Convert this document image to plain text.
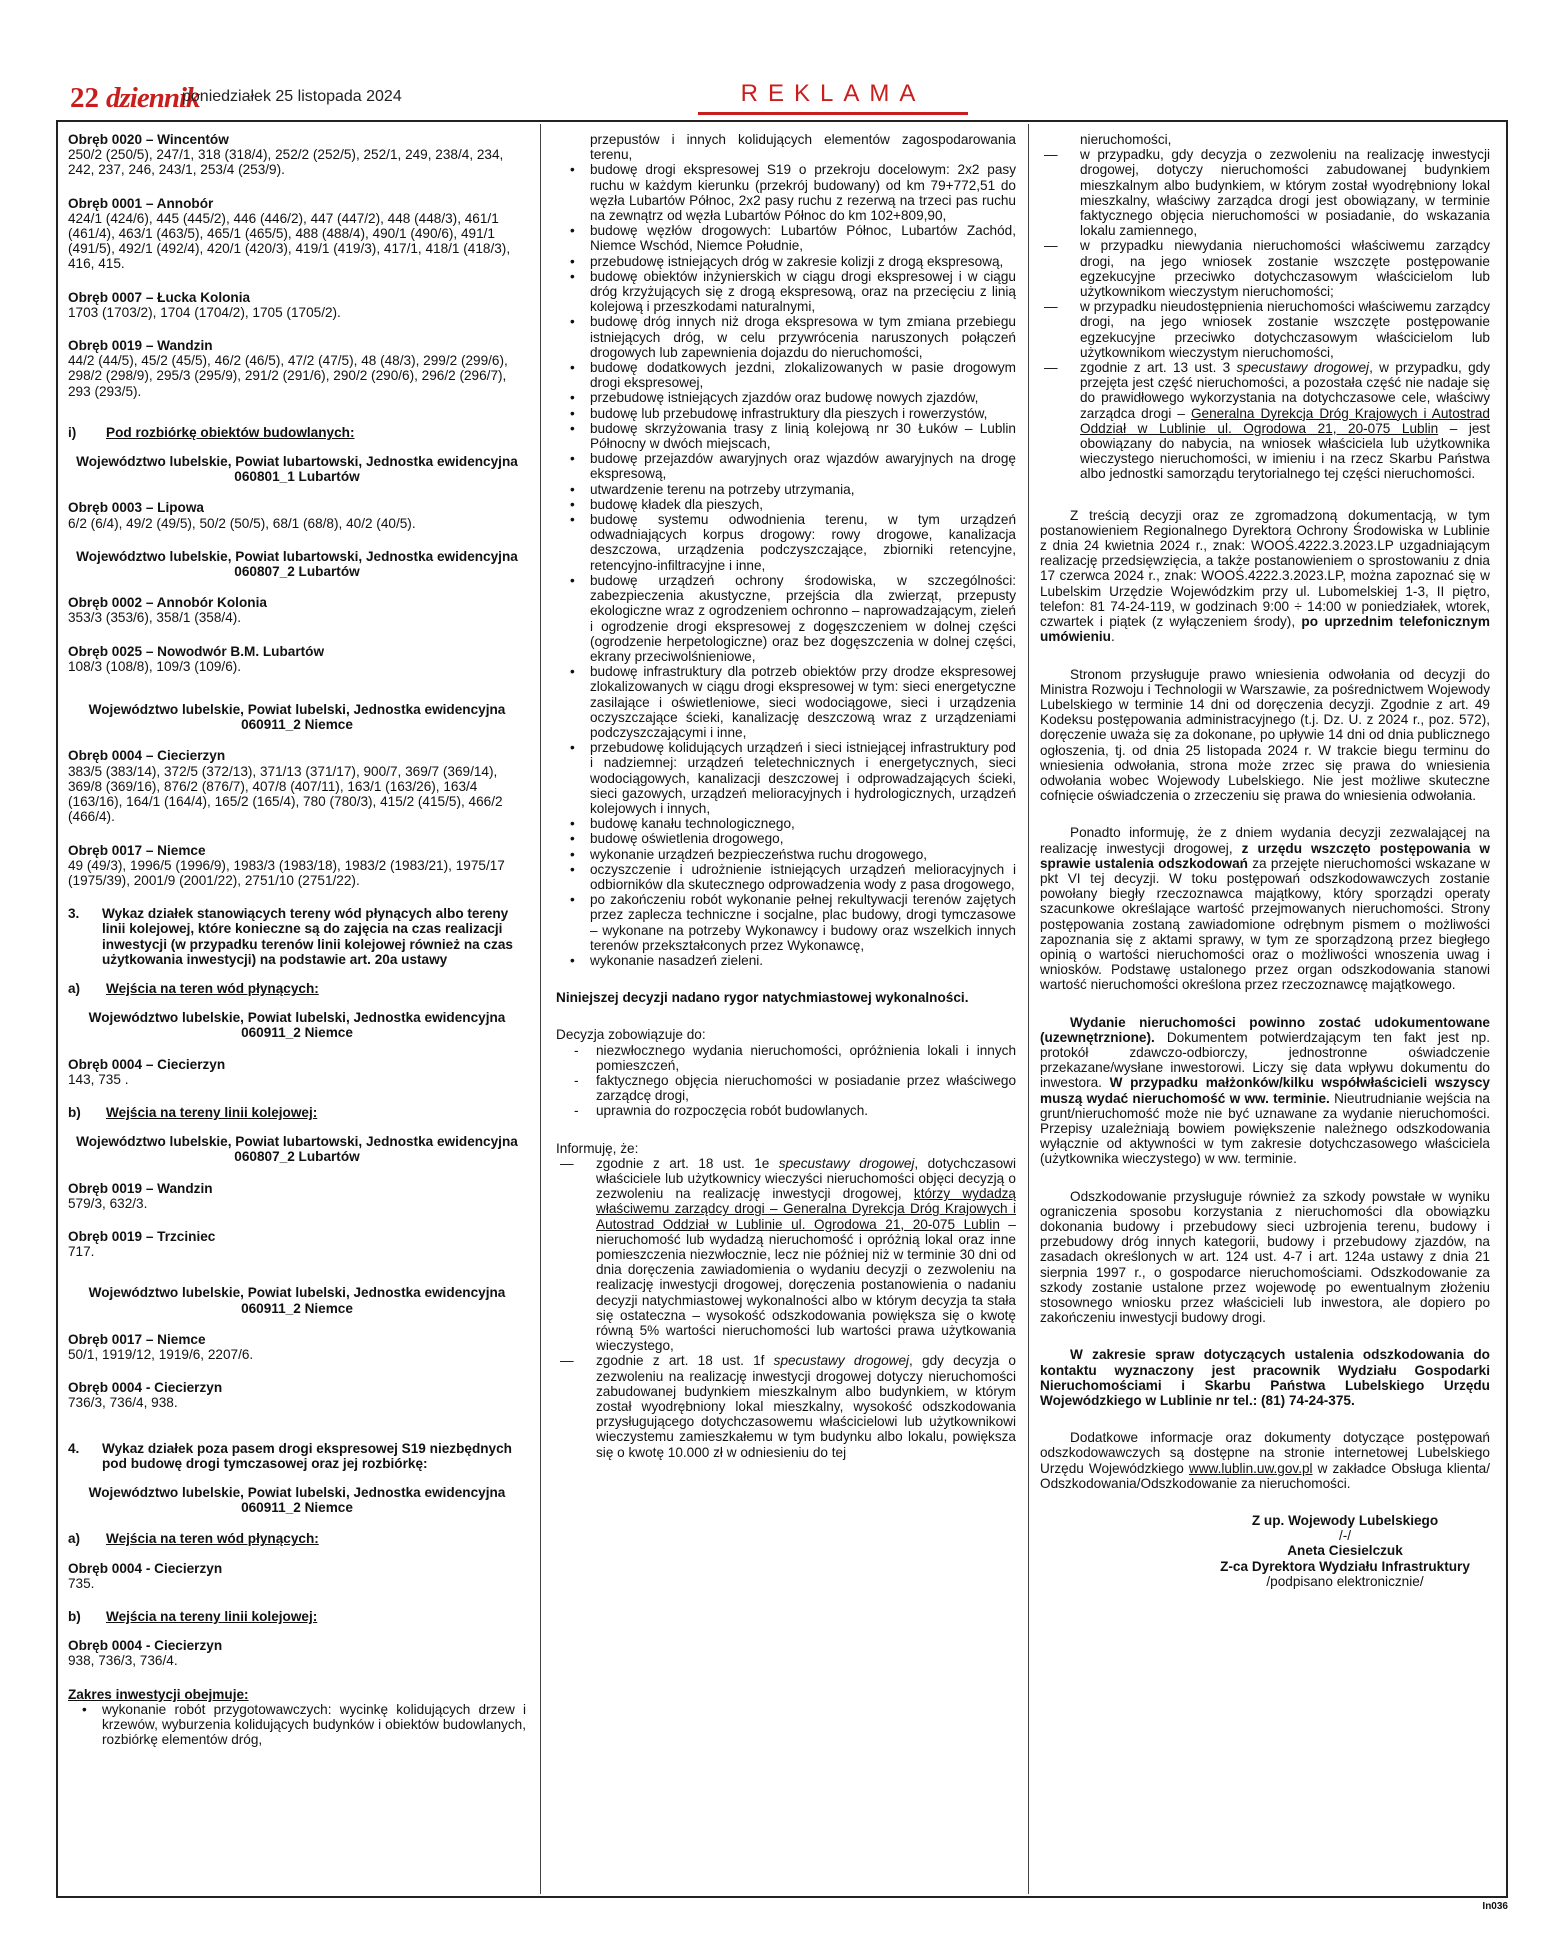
22 dziennik
poniedziałek 25 listopada 2024	REKLAMA
Obręb 0020 – Wincentów
250/2 (250/5), 247/1, 318 (318/4), 252/2 (252/5), 252/1, 249, 238/4, 234, 242, 237, 246, 243/1, 253/4 (253/9).
Obręb 0001 – Annobór
424/1 (424/6), 445 (445/2), 446 (446/2), 447 (447/2), 448 (448/3), 461/1 (461/4), 463/1 (463/5), 465/1 (465/5), 488 (488/4), 490/1 (490/6), 491/1 (491/5), 492/1 (492/4), 420/1 (420/3), 419/1 (419/3), 417/1, 418/1 (418/3), 416, 415.
Obręb 0007 – Łucka Kolonia
1703 (1703/2), 1704 (1704/2), 1705 (1705/2).
Obręb 0019 – Wandzin
44/2 (44/5), 45/2 (45/5), 46/2 (46/5), 47/2 (47/5), 48 (48/3), 299/2 (299/6), 298/2 (298/9), 295/3 (295/9), 291/2 (291/6), 290/2 (290/6), 296/2 (296/7), 293 (293/5).
i)	Pod rozbiórkę obiektów budowlanych:
Województwo lubelskie, Powiat lubartowski, Jednostka ewidencyjna 060801_1 Lubartów
Obręb 0003 – Lipowa
6/2 (6/4), 49/2 (49/5), 50/2 (50/5), 68/1 (68/8), 40/2 (40/5).
Województwo lubelskie, Powiat lubartowski, Jednostka ewidencyjna 060807_2 Lubartów
Obręb 0002 – Annobór Kolonia
353/3 (353/6), 358/1 (358/4).
Obręb 0025 – Nowodwór B.M. Lubartów
108/3 (108/8), 109/3 (109/6).
Województwo lubelskie, Powiat lubelski, Jednostka ewidencyjna 060911_2 Niemce
Obręb 0004 – Ciecierzyn
383/5 (383/14), 372/5 (372/13), 371/13 (371/17), 900/7, 369/7 (369/14), 369/8 (369/16), 876/2 (876/7), 407/8 (407/11), 163/1 (163/26), 163/4 (163/16), 164/1 (164/4), 165/2 (165/4), 780 (780/3), 415/2 (415/5), 466/2 (466/4).
Obręb 0017 – Niemce
49 (49/3), 1996/5 (1996/9), 1983/3 (1983/18), 1983/2 (1983/21), 1975/17 (1975/39), 2001/9 (2001/22), 2751/10 (2751/22).
3.	Wykaz działek stanowiących tereny wód płynących albo tereny linii kolejowej, które konieczne są do zajęcia na czas realizacji inwestycji (w przypadku terenów linii kolejowej również na czas użytkowania inwestycji) na podstawie art. 20a ustawy
a)	Wejścia na teren wód płynących:
Województwo lubelskie, Powiat lubelski, Jednostka ewidencyjna 060911_2 Niemce
Obręb 0004 – Ciecierzyn
143, 735 .
b)	Wejścia na tereny linii kolejowej:
Województwo lubelskie, Powiat lubartowski, Jednostka ewidencyjna 060807_2 Lubartów
Obręb 0019 – Wandzin
579/3, 632/3.
Obręb 0019 – Trzciniec
717.
Województwo lubelskie, Powiat lubelski, Jednostka ewidencyjna 060911_2 Niemce
Obręb 0017 – Niemce
50/1, 1919/12, 1919/6, 2207/6.
Obręb 0004 - Ciecierzyn
736/3, 736/4, 938.
4.	Wykaz działek poza pasem drogi ekspresowej S19 niezbędnych pod budowę drogi tymczasowej oraz jej rozbiórkę:
Województwo lubelskie, Powiat lubelski, Jednostka ewidencyjna 060911_2 Niemce
a)	Wejścia na teren wód płynących:
Obręb 0004 - Ciecierzyn
735.
b)	Wejścia na tereny linii kolejowej:
Obręb 0004 - Ciecierzyn
938, 736/3, 736/4.
Zakres inwestycji obejmuje:
• wykonanie robót przygotowawczych: wycinkę kolidujących drzew i krzewów, wyburzenia kolidujących budynków i obiektów budowlanych, rozbiórkę elementów dróg,
przepustów i innych kolidujących elementów zagospodarowania terenu,
• budowę drogi ekspresowej S19 o przekroju docelowym: 2x2 pasy ruchu w każdym kierunku (przekrój budowany) od km 79+772,51 do węzła Lubartów Północ, 2x2 pasy ruchu z rezerwą na trzeci pas ruchu na zewnątrz od węzła Lubartów Północ do km 102+809,90,
• budowę węzłów drogowych: Lubartów Północ, Lubartów Zachód, Niemce Wschód, Niemce Południe,
• przebudowę istniejących dróg w zakresie kolizji z drogą ekspresową,
• budowę obiektów inżynierskich w ciągu drogi ekspresowej i w ciągu dróg krzyżujących się z drogą ekspresową, oraz na przecięciu z linią kolejową i przeszkodami naturalnymi,
• budowę dróg innych niż droga ekspresowa w tym zmiana przebiegu istniejących dróg, w celu przywrócenia naruszonych połączeń drogowych lub zapewnienia dojazdu do nieruchomości,
• budowę dodatkowych jezdni, zlokalizowanych w pasie drogowym drogi ekspresowej,
• przebudowę istniejących zjazdów oraz budowę nowych zjazdów,
• budowę lub przebudowę infrastruktury dla pieszych i rowerzystów,
• budowę skrzyżowania trasy z linią kolejową nr 30 Łuków – Lublin Północny w dwóch miejscach,
• budowę przejazdów awaryjnych oraz wjazdów awaryjnych na drogę ekspresową,
• utwardzenie terenu na potrzeby utrzymania,
• budowę kładek dla pieszych,
• budowę systemu odwodnienia terenu, w tym urządzeń odwadniających korpus drogowy: rowy drogowe, kanalizacja deszczowa, urządzenia podczyszczające, zbiorniki retencyjne, retencyjno-infiltracyjne i inne,
• budowę urządzeń ochrony środowiska, w szczególności: zabezpieczenia akustyczne, przejścia dla zwierząt, przepusty ekologiczne wraz z ogrodzeniem ochronno – naprowadzającym, zieleń i ogrodzenie drogi ekspresowej z dogęszczeniem w dolnej części (ogrodzenie herpetologiczne) oraz bez dogęszczenia w dolnej części, ekrany przeciwolśnieniowe,
• budowę infrastruktury dla potrzeb obiektów przy drodze ekspresowej zlokalizowanych w ciągu drogi ekspresowej w tym: sieci energetyczne zasilające i oświetleniowe, sieci wodociągowe, sieci i urządzenia oczyszczające ścieki, kanalizację deszczową wraz z urządzeniami podczyszczającymi i inne,
• przebudowę kolidujących urządzeń i sieci istniejącej infrastruktury pod i nadziemnej: urządzeń teletechnicznych i energetycznych, sieci wodociągowych, kanalizacji deszczowej i odprowadzających ścieki, sieci gazowych, urządzeń melioracyjnych i hydrologicznych, urządzeń kolejowych i innych,
• budowę kanału technologicznego,
• budowę oświetlenia drogowego,
• wykonanie urządzeń bezpieczeństwa ruchu drogowego,
• oczyszczenie i udrożnienie istniejących urządzeń melioracyjnych i odbiorników dla skutecznego odprowadzenia wody z pasa drogowego,
• po zakończeniu robót wykonanie pełnej rekultywacji terenów zajętych przez zaplecza techniczne i socjalne, plac budowy, drogi tymczasowe – wykonane na potrzeby Wykonawcy i budowy oraz wszelkich innych terenów przekształconych przez Wykonawcę,
• wykonanie nasadzeń zieleni.
Niniejszej decyzji nadano rygor natychmiastowej wykonalności.
Decyzja zobowiązuje do:
- niezwłocznego wydania nieruchomości, opróżnienia lokali i innych pomieszczeń,
- faktycznego objęcia nieruchomości w posiadanie przez właściwego zarządcę drogi,
- uprawnia do rozpoczęcia robót budowlanych.
Informuję, że:
— zgodnie z art. 18 ust. 1e specustawy drogowej, dotychczasowi właściciele lub użytkownicy wieczyści nieruchomości objęci decyzją o zezwoleniu na realizację inwestycji drogowej, którzy wydadzą właściwemu zarządcy drogi – Generalna Dyrekcja Dróg Krajowych i Autostrad Oddział w Lublinie ul. Ogrodowa 21, 20-075 Lublin – nieruchomość lub wydadzą nieruchomość i opróżnią lokal oraz inne pomieszczenia niezwłocznie, lecz nie później niż w terminie 30 dni od dnia doręczenia zawiadomienia o wydaniu decyzji o zezwoleniu na realizację inwestycji drogowej, doręczenia postanowienia o nadaniu decyzji natychmiastowej wykonalności albo w którym decyzja ta stała się ostateczna – wysokość odszkodowania powiększa się o kwotę równą 5% wartości nieruchomości lub wartości prawa użytkowania wieczystego,
— zgodnie z art. 18 ust. 1f specustawy drogowej, gdy decyzja o zezwoleniu na realizację inwestycji drogowej dotyczy nieruchomości zabudowanej budynkiem mieszkalnym albo budynkiem, w którym został wyodrębniony lokal mieszkalny, wysokość odszkodowania przysługującego dotychczasowemu właścicielowi lub użytkownikowi wieczystemu zamieszkałemu w tym budynku albo lokalu, powiększa się o kwotę 10.000 zł w odniesieniu do tej
nieruchomości,
— w przypadku, gdy decyzja o zezwoleniu na realizację inwestycji drogowej, dotyczy nieruchomości zabudowanej budynkiem mieszkalnym albo budynkiem, w którym został wyodrębniony lokal mieszkalny, właściwy zarządca drogi jest obowiązany, w terminie faktycznego objęcia nieruchomości w posiadanie, do wskazania lokalu zamiennego,
— w przypadku niewydania nieruchomości właściwemu zarządcy drogi, na jego wniosek zostanie wszczęte postępowanie egzekucyjne przeciwko dotychczasowym właścicielom lub użytkownikom wieczystym nieruchomości;
— w przypadku nieudostępnienia nieruchomości właściwemu zarządcy drogi, na jego wniosek zostanie wszczęte postępowanie egzekucyjne przeciwko dotychczasowym właścicielom lub użytkownikom wieczystym nieruchomości,
— zgodnie z art. 13 ust. 3 specustawy drogowej, w przypadku, gdy przejęta jest część nieruchomości, a pozostała część nie nadaje się do prawidłowego wykorzystania na dotychczasowe cele, właściwy zarządca drogi – Generalna Dyrekcja Dróg Krajowych i Autostrad Oddział w Lublinie ul. Ogrodowa 21, 20-075 Lublin – jest obowiązany do nabycia, na wniosek właściciela lub użytkownika wieczystego nieruchomości, w imieniu i na rzecz Skarbu Państwa albo jednostki samorządu terytorialnego tej części nieruchomości.
Z treścią decyzji oraz ze zgromadzoną dokumentacją, w tym postanowieniem Regionalnego Dyrektora Ochrony Środowiska w Lublinie z dnia 24 kwietnia 2024 r., znak: WOOŚ.4222.3.2023.LP uzgadniającym realizację przedsięwzięcia, a także postanowieniem o sprostowaniu z dnia 17 czerwca 2024 r., znak: WOOŚ.4222.3.2023.LP, można zapoznać się w Lubelskim Urzędzie Wojewódzkim przy ul. Lubomelskiej 1-3, II piętro, telefon: 81 74-24-119, w godzinach 9:00 ÷ 14:00 w poniedziałek, wtorek, czwartek i piątek (z wyłączeniem środy), po uprzednim telefonicznym umówieniu.
Stronom przysługuje prawo wniesienia odwołania od decyzji do Ministra Rozwoju i Technologii w Warszawie, za pośrednictwem Wojewody Lubelskiego w terminie 14 dni od doręczenia decyzji. Zgodnie z art. 49 Kodeksu postępowania administracyjnego (t.j. Dz. U. z 2024 r., poz. 572), doręczenie uważa się za dokonane, po upływie 14 dni od dnia publicznego ogłoszenia, tj. od dnia 25 listopada 2024 r. W trakcie biegu terminu do wniesienia odwołania, strona może zrzec się prawa do wniesienia odwołania wobec Wojewody Lubelskiego. Nie jest możliwe skuteczne cofnięcie oświadczenia o zrzeczeniu się prawa do wniesienia odwołania.
Ponadto informuję, że z dniem wydania decyzji zezwalającej na realizację inwestycji drogowej, z urzędu wszczęto postępowania w sprawie ustalenia odszkodowań za przejęte nieruchomości wskazane w pkt VI tej decyzji. W toku postępowań odszkodowawczych zostanie powołany biegły rzeczoznawca majątkowy, który sporządzi operaty szacunkowe określające wartość przejmowanych nieruchomości. Strony postępowania zostaną zawiadomione odrębnym pismem o możliwości zapoznania się z aktami sprawy, w tym ze sporządzoną przez biegłego opinią o wartości nieruchomości oraz o możliwości wnoszenia uwag i wniosków. Podstawę ustalonego przez organ odszkodowania stanowi wartość nieruchomości określona przez rzeczoznawcę majątkowego.
Wydanie nieruchomości powinno zostać udokumentowane (uzewnętrznione). Dokumentem potwierdzającym ten fakt jest np. protokół zdawczo-odbiorczy, jednostronne oświadczenie przekazane/wysłane inwestorowi. Liczy się data wpływu dokumentu do inwestora. W przypadku małżonków/kilku współwłaścicieli wszyscy muszą wydać nieruchomość w ww. terminie. Nieutrudnianie wejścia na grunt/nieruchomość może nie być uznawane za wydanie nieruchomości. Przepisy uzależniają bowiem powiększenie należnego odszkodowania wyłącznie od aktywności w tym zakresie dotychczasowego właściciela (użytkownika wieczystego) w ww. terminie.
Odszkodowanie przysługuje również za szkody powstałe w wyniku ograniczenia sposobu korzystania z nieruchomości dla obowiązku dokonania budowy i przebudowy sieci uzbrojenia terenu, budowy i przebudowy dróg innych kategorii, budowy i przebudowy zjazdów, na zasadach określonych w art. 124 ust. 4-7 i art. 124a ustawy z dnia 21 sierpnia 1997 r., o gospodarce nieruchomościami. Odszkodowanie za szkody zostanie ustalone przez wojewodę po ewentualnym złożeniu stosownego wniosku przez właścicieli lub inwestora, ale dopiero po zakończeniu inwestycji budowy drogi.
W zakresie spraw dotyczących ustalenia odszkodowania do kontaktu wyznaczony jest pracownik Wydziału Gospodarki Nieruchomościami i Skarbu Państwa Lubelskiego Urzędu Wojewódzkiego w Lublinie nr tel.: (81) 74-24-375.
Dodatkowe informacje oraz dokumenty dotyczące postępowań odszkodowawczych są dostępne na stronie internetowej Lubelskiego Urzędu Wojewódzkiego www.lublin.uw.gov.pl w zakładce Obsługa klienta/ Odszkodowania/Odszkodowanie za nieruchomości.
Z up. Wojewody Lubelskiego
/-/
Aneta Ciesielczuk
Z-ca Dyrektora Wydziału Infrastruktury
/podpisano elektronicznie/
In036
